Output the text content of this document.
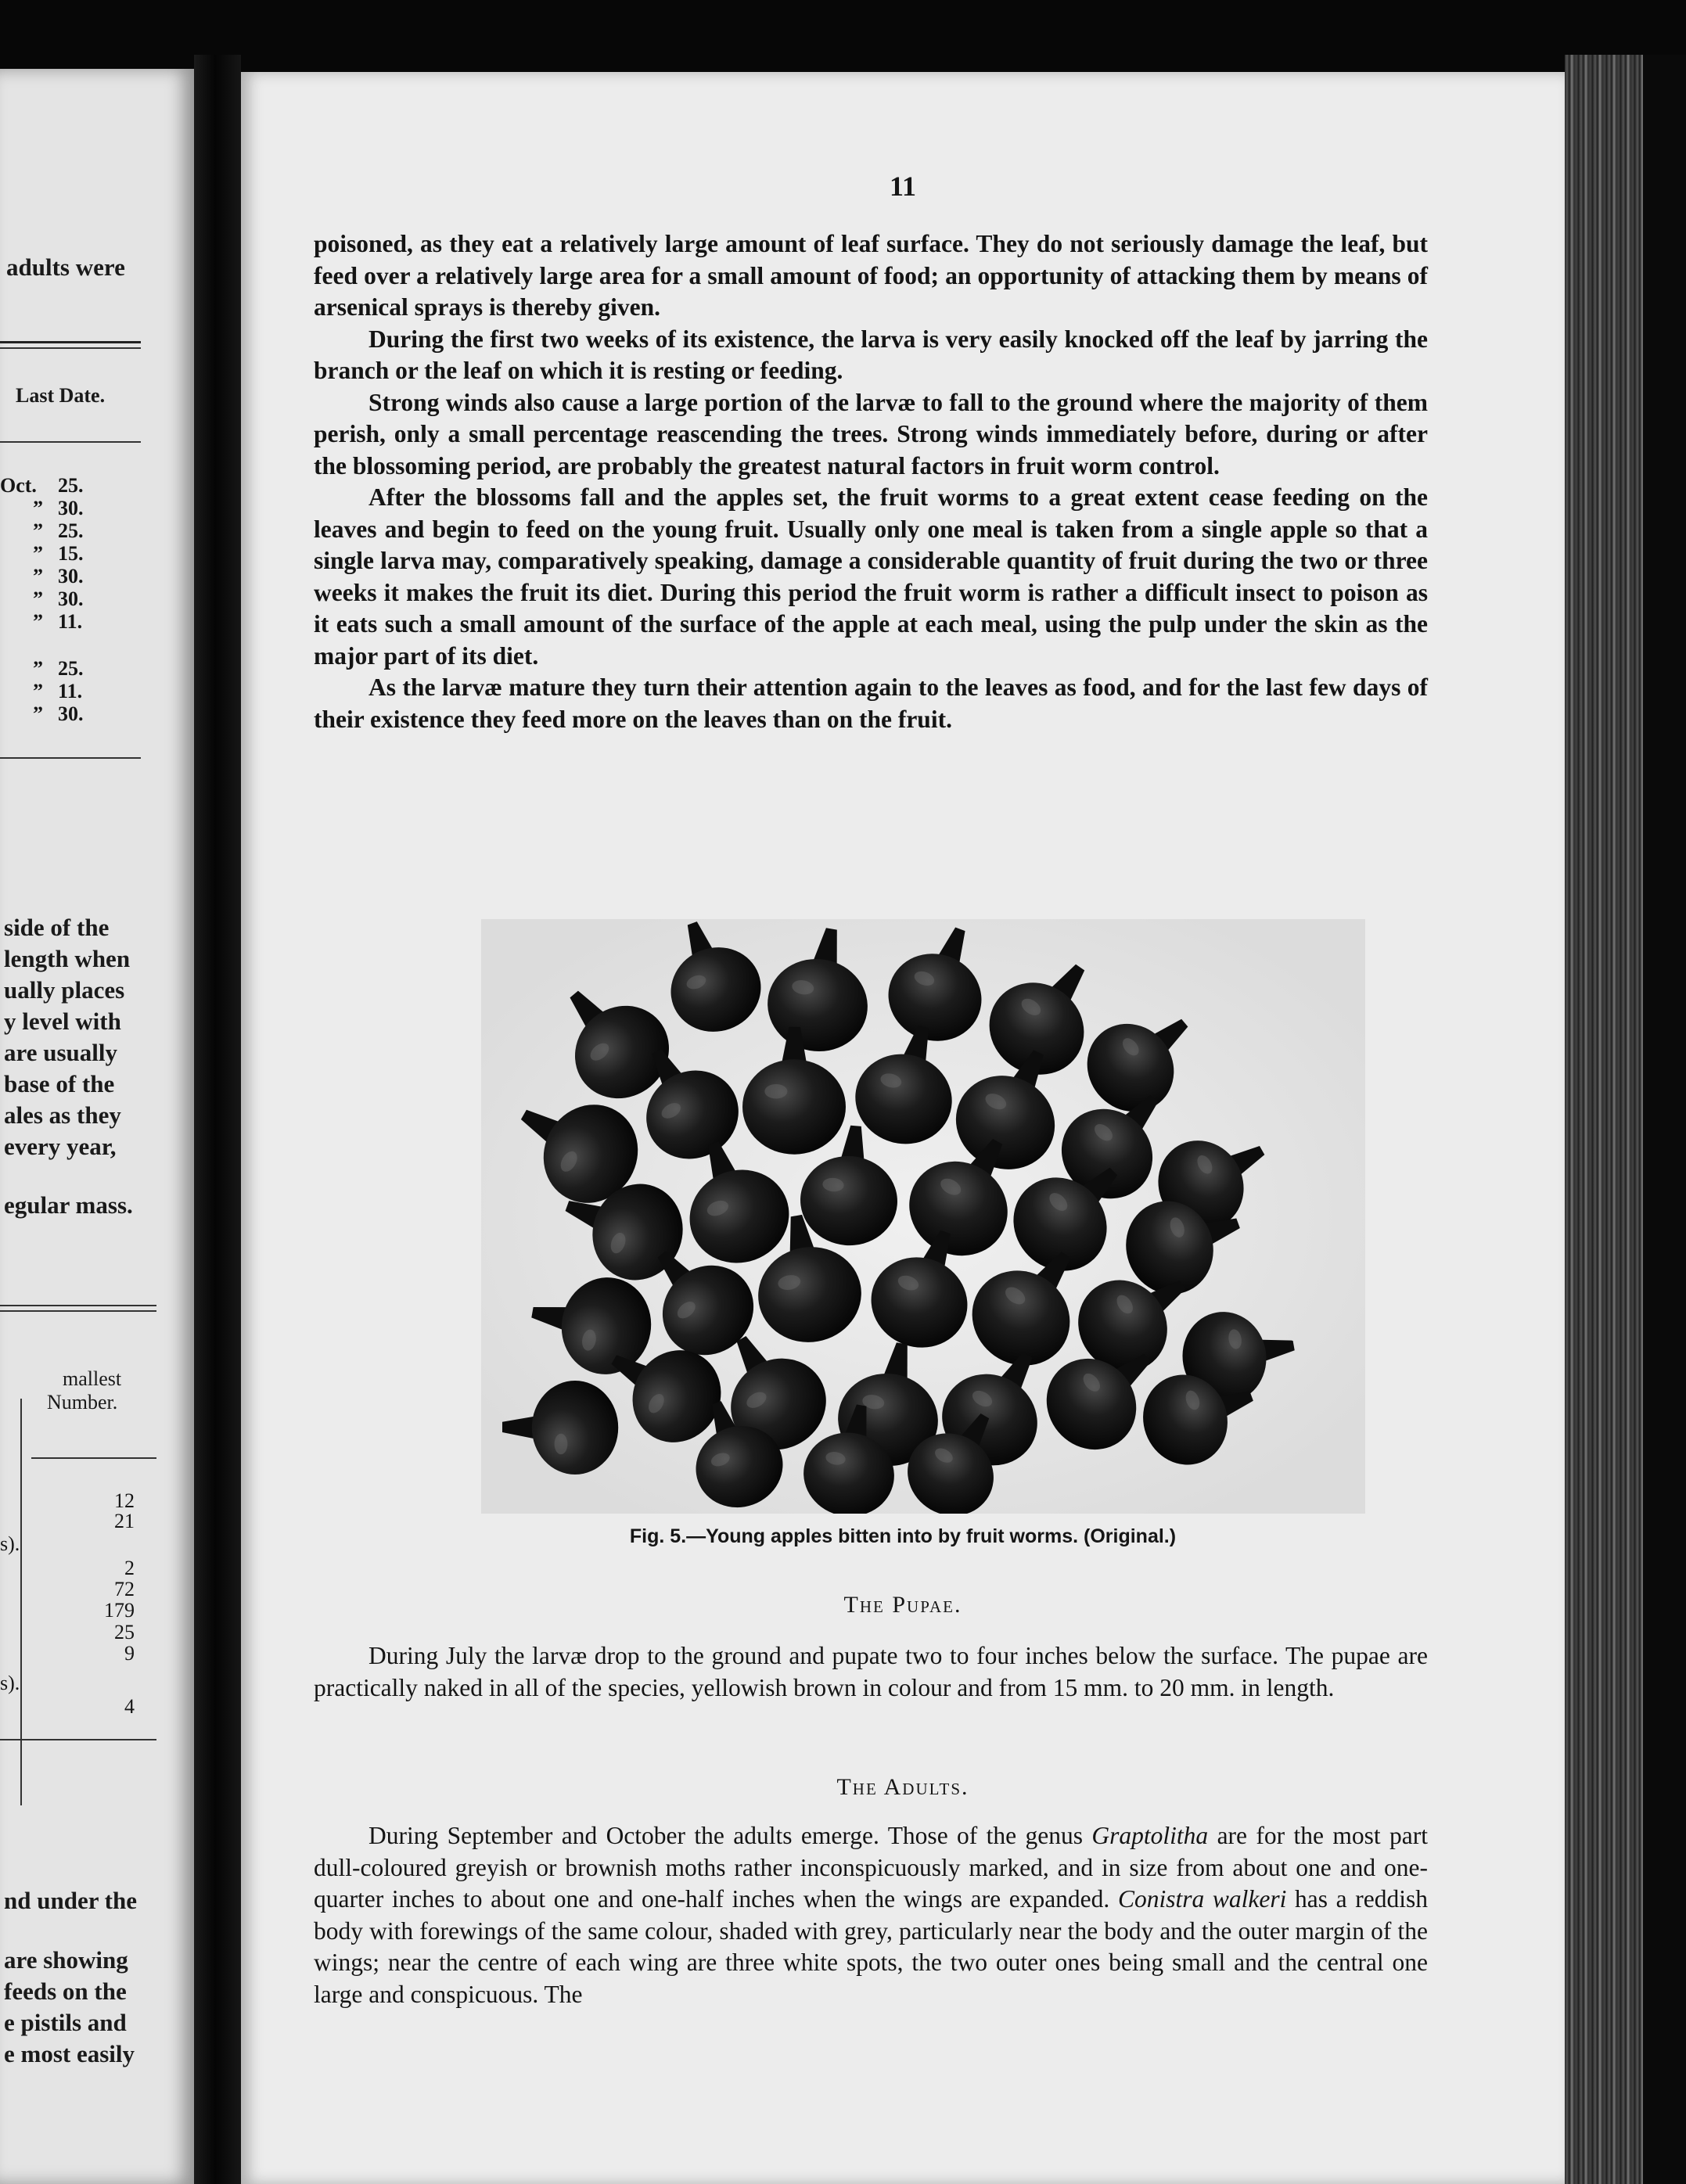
adults were
Last Date.
Oct. 25.
” 30.
” 25.
” 15.
” 30.
” 30.
” 11.
” 25.
” 11.
” 30.
side of the
length when
ually places
y level with
are usually
base of the
ales as they
every year,
egular mass.
mallest
Number.
12
21
s).
2
72
179
25
9
s).
4
nd under the
are showing
feeds on the
e pistils and
e most easily
11

poisoned, as they eat a relatively large amount of leaf surface. They do not seriously damage the leaf, but feed over a relatively large area for a small amount of food; an opportunity of attacking them by means of arsenical sprays is thereby given.

During the first two weeks of its existence, the larva is very easily knocked off the leaf by jarring the branch or the leaf on which it is resting or feeding.

Strong winds also cause a large portion of the larvæ to fall to the ground where the majority of them perish, only a small percentage reascending the trees. Strong winds immediately before, during or after the blossoming period, are probably the greatest natural factors in fruit worm control.

After the blossoms fall and the apples set, the fruit worms to a great extent cease feeding on the leaves and begin to feed on the young fruit. Usually only one meal is taken from a single apple so that a single larva may, comparatively speaking, damage a considerable quantity of fruit during the two or three weeks it makes the fruit its diet. During this period the fruit worm is rather a difficult insect to poison as it eats such a small amount of the surface of the apple at each meal, using the pulp under the skin as the major part of its diet.

As the larvæ mature they turn their attention again to the leaves as food, and for the last few days of their existence they feed more on the leaves than on the fruit.

Fig. 5.—Young apples bitten into by fruit worms. (Original.)
The Pupae.

During July the larvæ drop to the ground and pupate two to four inches below the surface. The pupae are practically naked in all of the species, yellowish brown in colour and from 15 mm. to 20 mm. in length.

The Adults.

During September and October the adults emerge. Those of the genus Graptolitha are for the most part dull-coloured greyish or brownish moths rather inconspicuously marked, and in size from about one and one-quarter inches to about one and one-half inches when the wings are expanded. Conistra walkeri has a reddish body with forewings of the same colour, shaded with grey, particularly near the body and the outer margin of the wings; near the centre of each wing are three white spots, the two outer ones being small and the central one large and conspicuous. The
